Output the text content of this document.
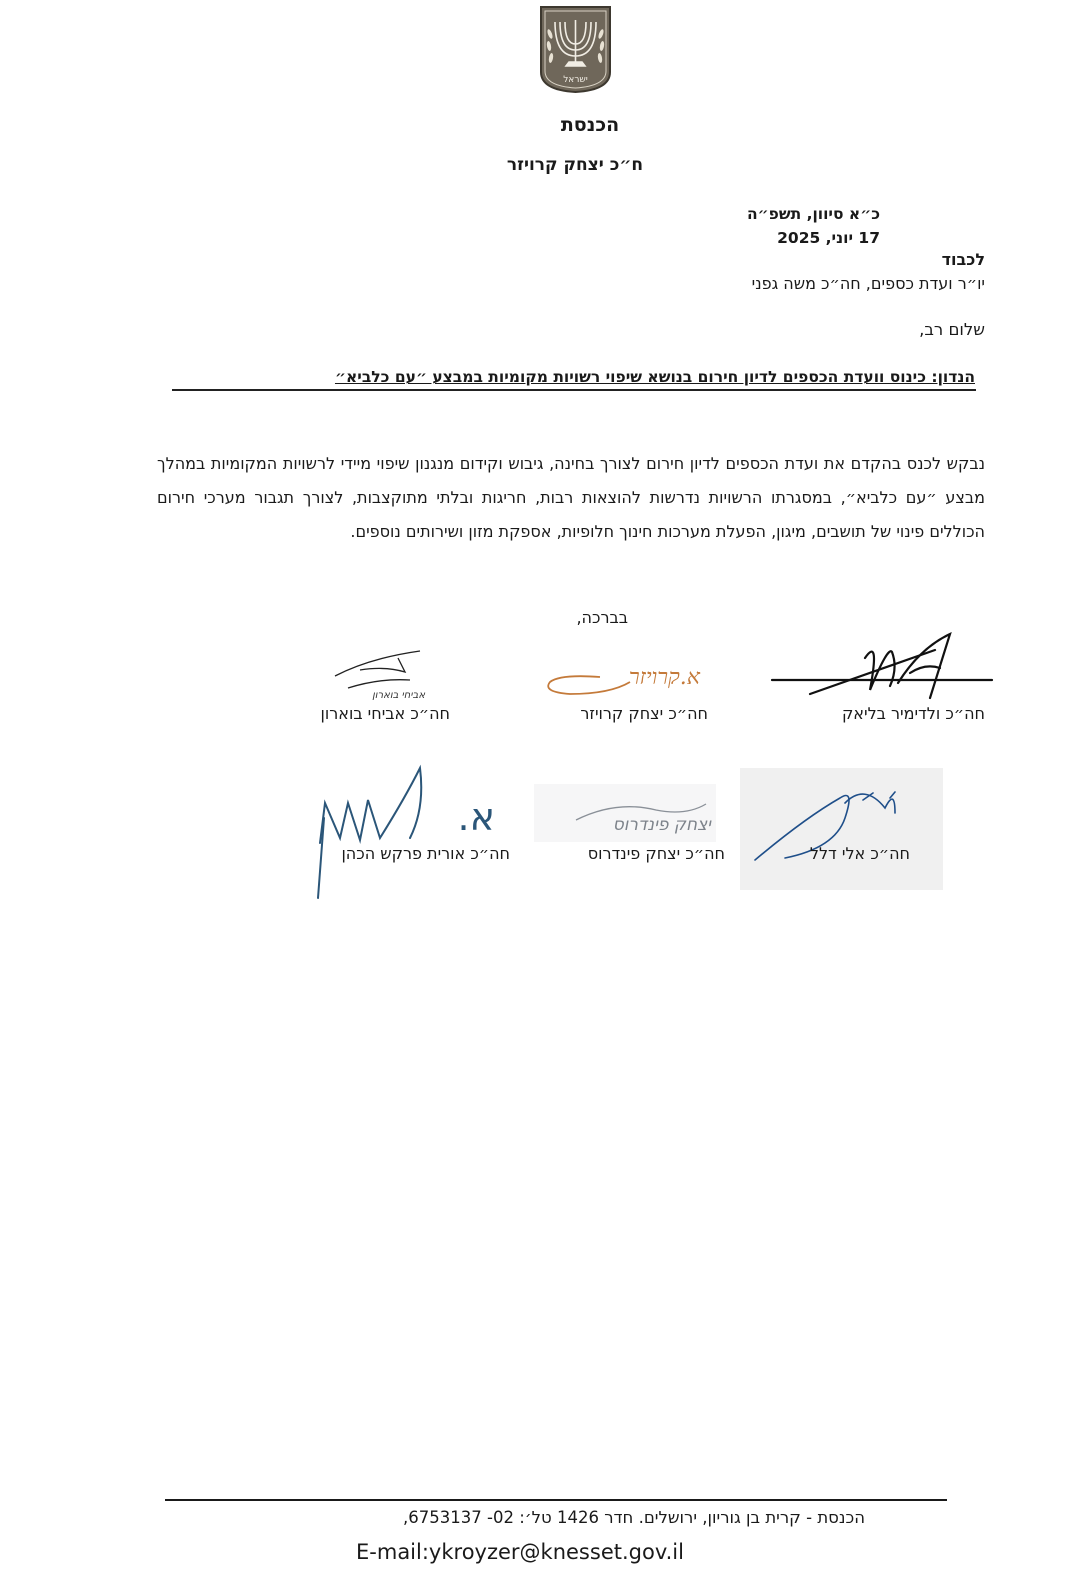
ישראל
הכנסת
ח״כ יצחק קרויזר
כ״א סיוון, תשפ״ה
17 יוני, 2025
לכבוד
יו״ר ועדת כספים, חה״כ משה גפני
שלום רב,
הנדון: כינוס וועדת הכספים לדיון חירום בנושא שיפוי רשויות מקומיות במבצע ״עם כלביא״
נבקש לכנס בהקדם את ועדת הכספים לדיון חירום לצורך בחינה, גיבוש וקידום מנגנון שיפוי מיידי לרשויות המקומיות במהלך מבצע ״עם כלביא״, במסגרתו הרשויות נדרשות להוצאות רבות, חריגות ובלתי מתוקצבות, לצורך תגבור מערכי חירום הכוללים פינוי של תושבים, מיגון, הפעלת מערכות חינוך חלופיות, אספקת מזון ושירותים נוספים.
בברכה,
א.קרויזר
אביחי בוארון
חה״כ ולדימיר בליאק
חה״כ יצחק קרויזר
חה״כ אביחי בוארון
יצחק פינדרוס
א.
חה״כ אלי דלל
חה״כ יצחק פינדרוס
חה״כ אורית פרקש הכהן
הכנסת - קרית בן גוריון, ירושלים. חדר 1426 טל׳: 02- 6753137,
E-mail:ykroyzer@knesset.gov.il
